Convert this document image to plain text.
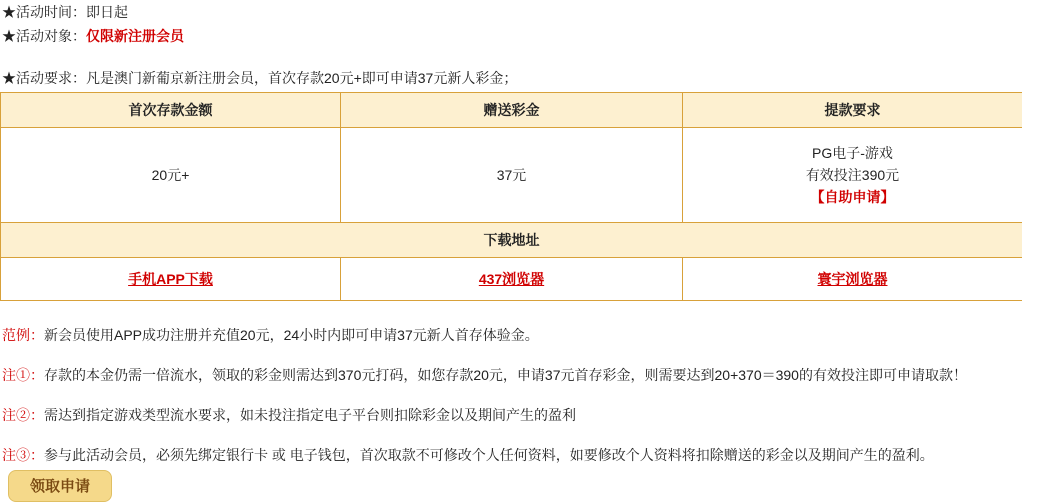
★活动时间：即日起
★活动对象：仅限新注册会员
★活动要求：凡是澳门新葡京新注册会员，首次存款20元+即可申请37元新人彩金；
首次存款金额	赠送彩金	提款要求
20元+	37元	PG电子-游戏
有效投注390元
【自助申请】

下载地址		
手机APP下载	437浏览器	寰宇浏览器
范例：新会员使用APP成功注册并充值20元，24小时内即可申请37元新人首存体验金。
注①：存款的本金仍需一倍流水，领取的彩金则需达到370元打码，如您存款20元，申请37元首存彩金，则需要达到20+370＝390的有效投注即可申请取款！
注②：需达到指定游戏类型流水要求，如未投注指定电子平台则扣除彩金以及期间产生的盈利
注③：参与此活动会员，必须先绑定银行卡 或 电子钱包，首次取款不可修改个人任何资料，如要修改个人资料将扣除赠送的彩金以及期间产生的盈利。
领取申请
